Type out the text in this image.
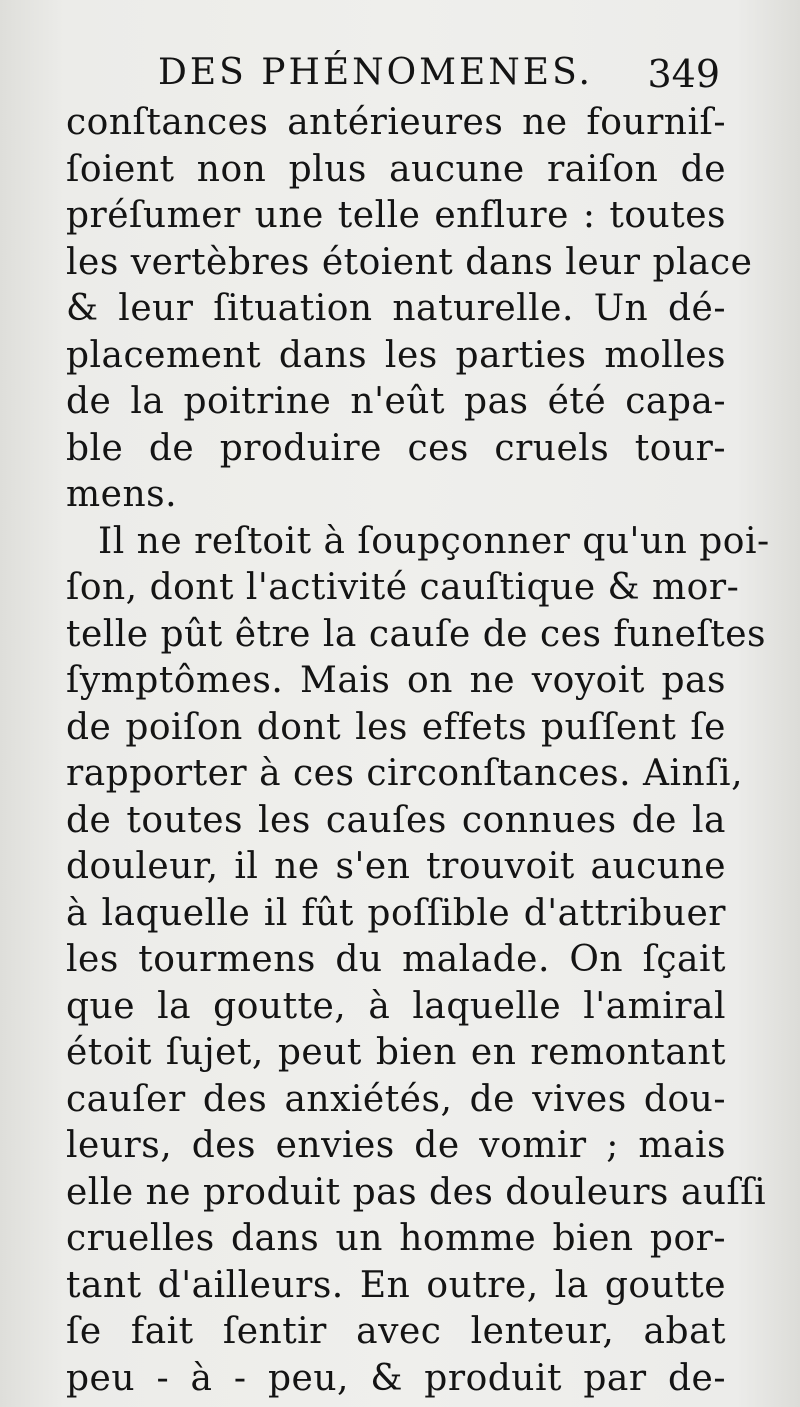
DES PHÉNOMENES. 349
conſtances antérieures ne fourniſ-
ſoient non plus aucune raiſon de
préſumer une telle enflure : toutes
les vertèbres étoient dans leur place
& leur ſituation naturelle. Un dé-
placement dans les parties molles
de la poitrine n'eût pas été capa-
ble de produire ces cruels tour-
mens.
Il ne reſtoit à ſoupçonner qu'un poi-
ſon, dont l'activité cauſtique & mor-
telle pût être la cauſe de ces funeſtes
ſymptômes. Mais on ne voyoit pas
de poiſon dont les effets puſſent ſe
rapporter à ces circonſtances. Ainſi,
de toutes les cauſes connues de la
douleur, il ne s'en trouvoit aucune
à laquelle il fût poſſible d'attribuer
les tourmens du malade. On ſçait
que la goutte, à laquelle l'amiral
étoit ſujet, peut bien en remontant
cauſer des anxiétés, de vives dou-
leurs, des envies de vomir ; mais
elle ne produit pas des douleurs auſſi
cruelles dans un homme bien por-
tant d'ailleurs. En outre, la goutte
ſe fait ſentir avec lenteur, abat
peu - à - peu, & produit par de-
